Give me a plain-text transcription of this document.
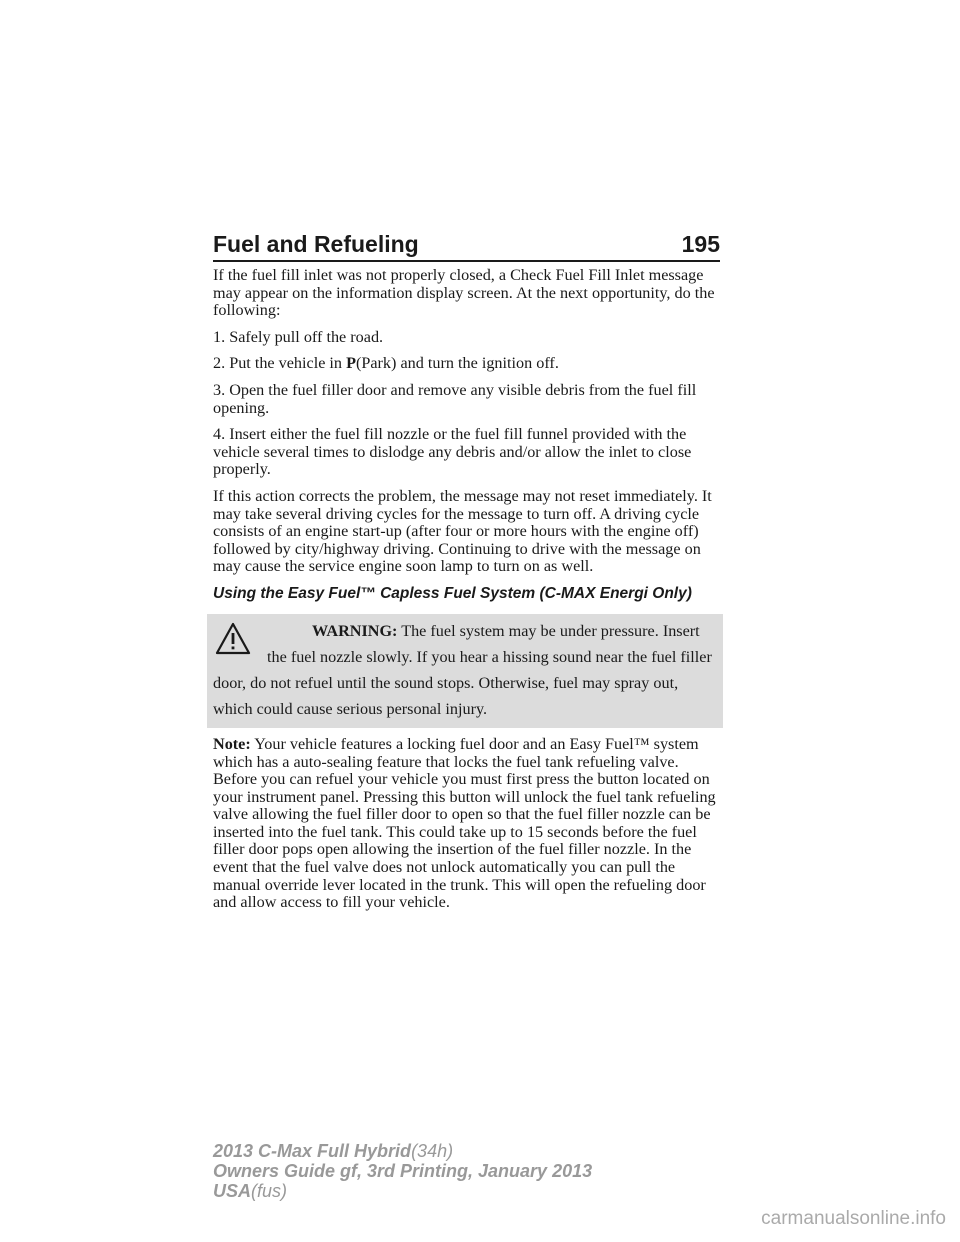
Fuel and Refueling	195

If the fuel fill inlet was not properly closed, a Check Fuel Fill Inlet message may appear on the information display screen. At the next opportunity, do the following:

1. Safely pull off the road.

2. Put the vehicle in P(Park) and turn the ignition off.

3. Open the fuel filler door and remove any visible debris from the fuel fill opening.

4. Insert either the fuel fill nozzle or the fuel fill funnel provided with the vehicle several times to dislodge any debris and/or allow the inlet to close properly.

If this action corrects the problem, the message may not reset immediately. It may take several driving cycles for the message to turn off. A driving cycle consists of an engine start-up (after four or more hours with the engine off) followed by city/highway driving. Continuing to drive with the message on may cause the service engine soon lamp to turn on as well.

Using the Easy Fuel™ Capless Fuel System (C-MAX Energi Only)
WARNING: The fuel system may be under pressure. Insert the fuel nozzle slowly. If you hear a hissing sound near the fuel filler door, do not refuel until the sound stops. Otherwise, fuel may spray out, which could cause serious personal injury.

Note: Your vehicle features a locking fuel door and an Easy Fuel™ system which has a auto-sealing feature that locks the fuel tank refueling valve. Before you can refuel your vehicle you must first press the button located on your instrument panel. Pressing this button will unlock the fuel tank refueling valve allowing the fuel filler door to open so that the fuel filler nozzle can be inserted into the fuel tank. This could take up to 15 seconds before the fuel filler door pops open allowing the insertion of the fuel filler nozzle. In the event that the fuel valve does not unlock automatically you can pull the manual override lever located in the trunk. This will open the refueling door and allow access to fill your vehicle.

2013 C-Max Full Hybrid(34h)
Owners Guide gf, 3rd Printing, January 2013
USA(fus)
carmanualsonline.info
